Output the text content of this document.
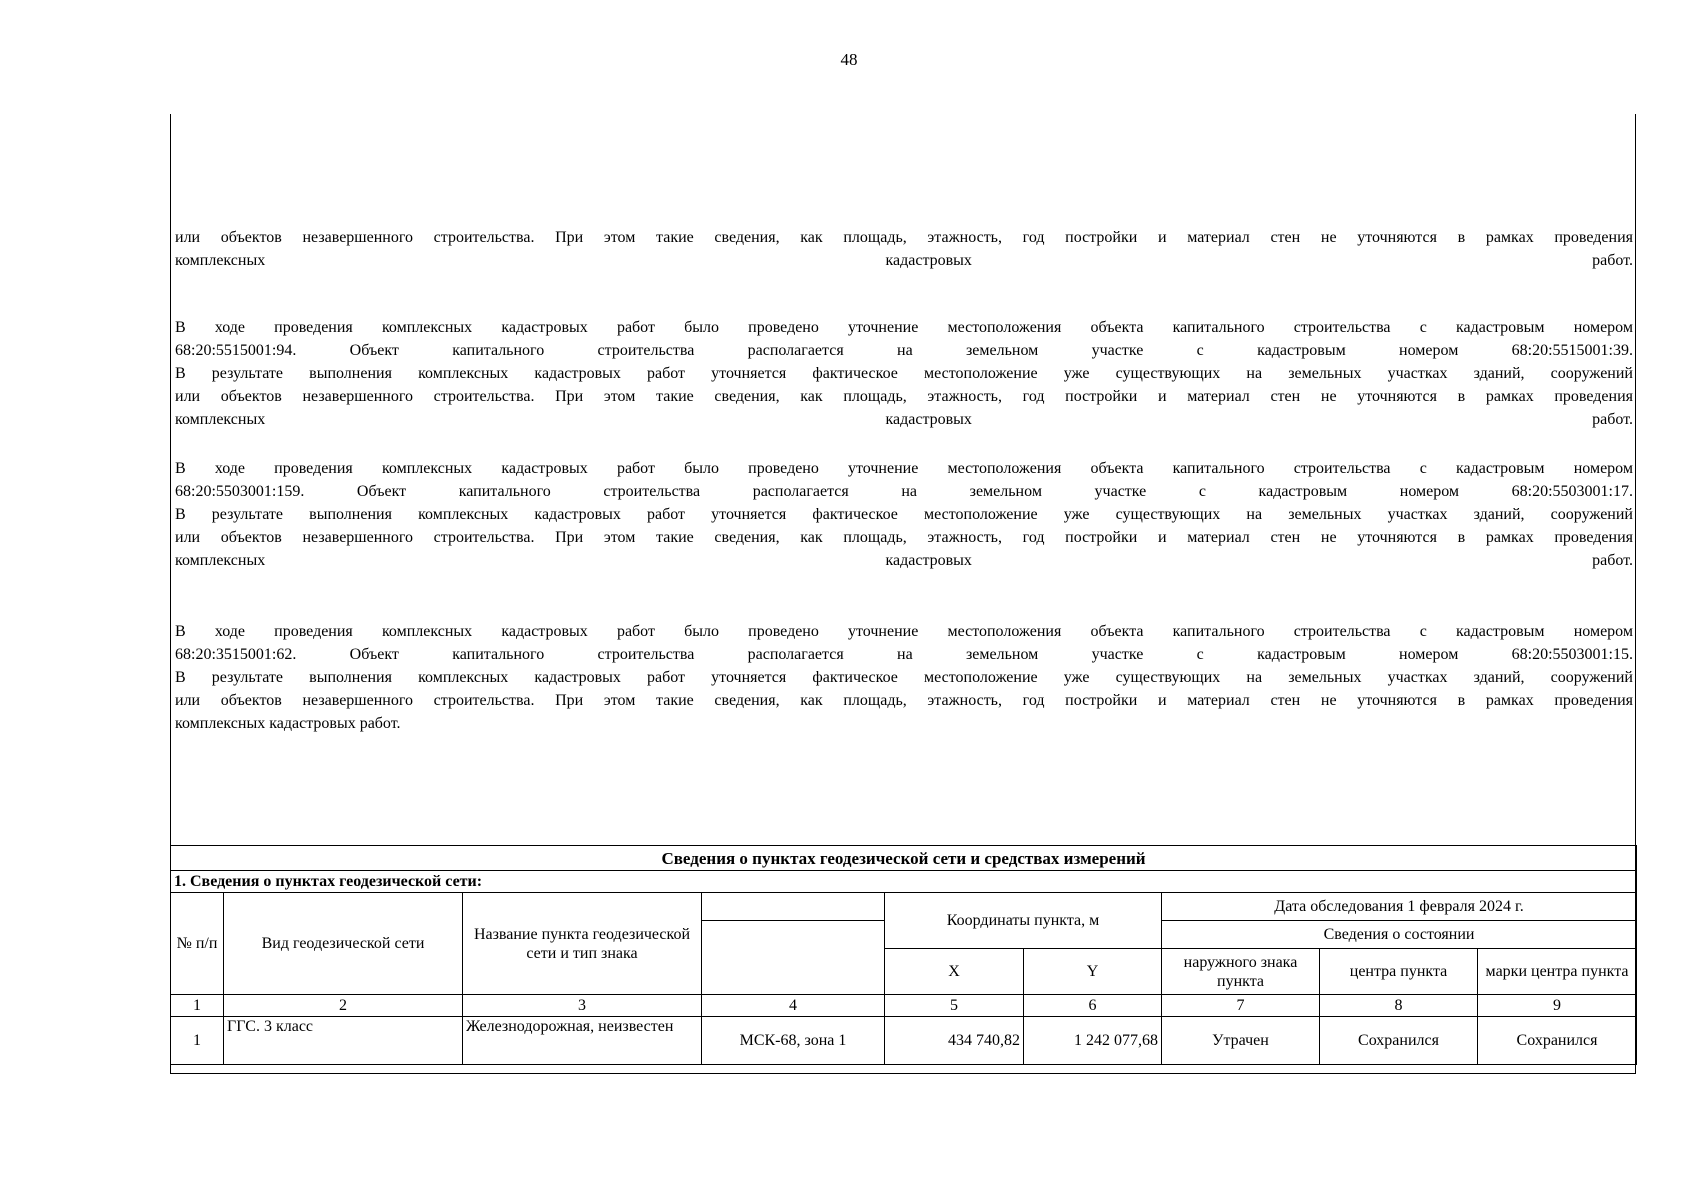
48
или объектов незавершенного строительства. При этом такие сведения, как площадь, этажность, год постройки и материал стен не уточняются в рамках проведения
комплексных кадастровых работ.
В ходе проведения комплексных кадастровых работ было проведено уточнение местоположения объекта капитального строительства с кадастровым номером
68:20:5515001:94. Объект капитального строительства располагается на земельном участке с кадастровым номером 68:20:5515001:39.
В результате выполнения комплексных кадастровых работ уточняется фактическое местоположение уже существующих на земельных участках зданий, сооружений
или объектов незавершенного строительства. При этом такие сведения, как площадь, этажность, год постройки и материал стен не уточняются в рамках проведения
комплексных кадастровых работ.
В ходе проведения комплексных кадастровых работ было проведено уточнение местоположения объекта капитального строительства с кадастровым номером
68:20:5503001:159. Объект капитального строительства располагается на земельном участке с кадастровым номером 68:20:5503001:17.
В результате выполнения комплексных кадастровых работ уточняется фактическое местоположение уже существующих на земельных участках зданий, сооружений
или объектов незавершенного строительства. При этом такие сведения, как площадь, этажность, год постройки и материал стен не уточняются в рамках проведения
комплексных кадастровых работ.
В ходе проведения комплексных кадастровых работ было проведено уточнение местоположения объекта капитального строительства с кадастровым номером
68:20:3515001:62. Объект капитального строительства располагается на земельном участке с кадастровым номером 68:20:5503001:15.
В результате выполнения комплексных кадастровых работ уточняется фактическое местоположение уже существующих на земельных участках зданий, сооружений
или объектов незавершенного строительства. При этом такие сведения, как площадь, этажность, год постройки и материал стен не уточняются в рамках проведения
комплексных кадастровых работ.
Сведения о пунктах геодезической сети и средствах измерений								
1. Сведения о пунктах геодезической сети:								
№ п/п	Вид геодезической сети	Название пункта геодезической сети и тип знака		Координаты пункта, м		Дата обследования 1 февраля 2024 г.		
						Сведения о состоянии		
				X	Y	наружного знака пункта	центра пункта	марки центра пункта
1	2	3	4	5	6	7	8	9
1	ГГС. 3 класс	Железнодорожная, неизвестен	МСК-68, зона 1	434 740,82	1 242 077,68	Утрачен	Сохранился	Сохранился
